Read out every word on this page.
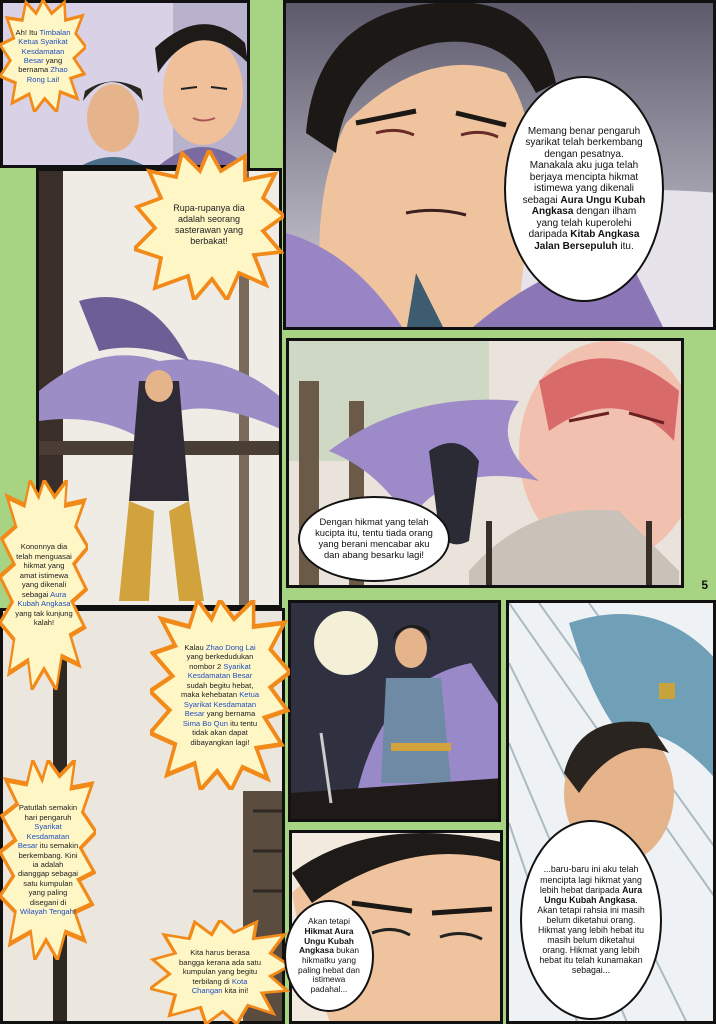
Ah! Itu Timbalan Ketua Syarikat Kesdamatan Besar yang bernama Zhao Rong Lai!
Rupa-rupanya dia adalah seorang sasterawan yang berbakat!
Kononnya dia telah menguasai hikmat yang amat istimewa yang dikenali sebagai Aura Kubah Angkasa yang tak kunjung kalah!
Kalau Zhao Dong Lai yang berkedudukan nombor 2 Syarikat Kesdamatan Besar sudah begitu hebat, maka kehebatan Ketua Syarikat Kesdamatan Besar yang bernama Sima Bo Qun itu tentu tidak akan dapat dibayangkan lagi!
Patutlah semakin hari pengaruh Syarikat Kesdamatan Besar itu semakin berkembang. Kini ia adalah dianggap sebagai satu kumpulan yang paling disegani di Wilayah Tengah!
Kita harus berasa bangga kerana ada satu kumpulan yang begitu terbilang di Kota Changan kita ini!
Memang benar pengaruh syarikat telah berkembang dengan pesatnya. Manakala aku juga telah berjaya mencipta hikmat istimewa yang dikenali sebagai Aura Ungu Kubah Angkasa dengan ilham yang telah kuperolehi daripada Kitab Angkasa Jalan Bersepuluh itu.
Dengan hikmat yang telah kucipta itu, tentu tiada orang yang berani mencabar aku dan abang besarku lagi!
Akan tetapi Hikmat Aura Ungu Kubah Angkasa bukan hikmatku yang paling hebat dan istimewa padahal...
...baru-baru ini aku telah mencipta lagi hikmat yang lebih hebat daripada Aura Ungu Kubah Angkasa. Akan tetapi rahsia ini masih belum diketahui orang. Hikmat yang lebih hebat itu masih belum diketahui orang. Hikmat yang lebih hebat itu telah kunamakan sebagai...
5
